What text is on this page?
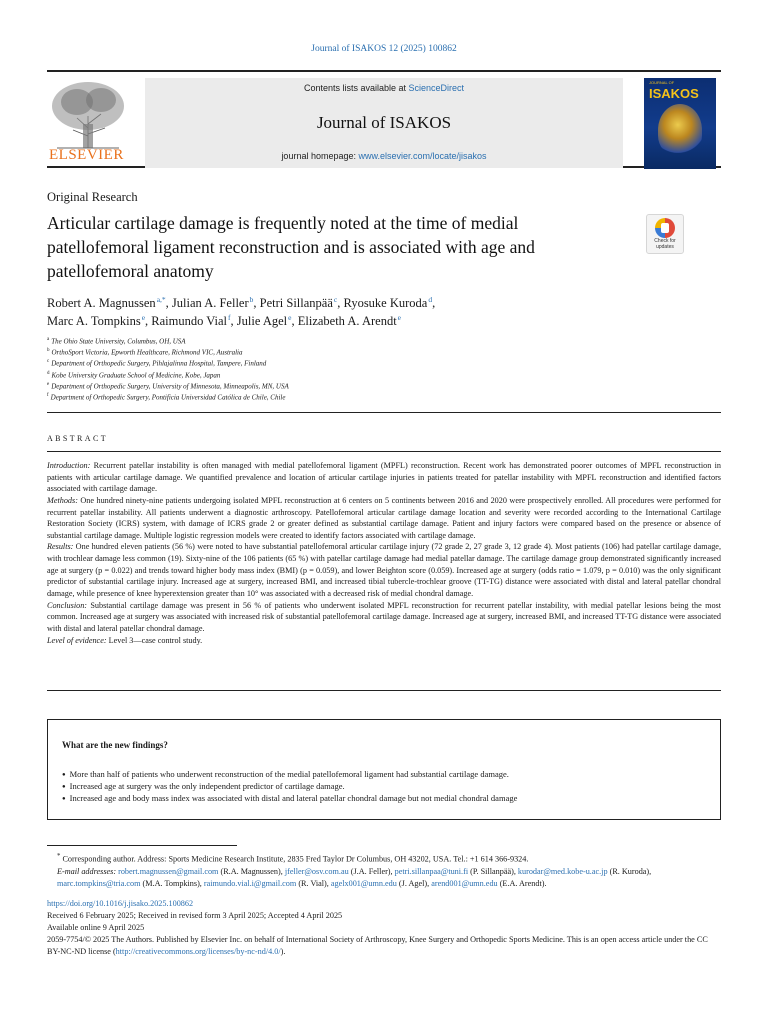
Journal of ISAKOS 12 (2025) 100862
ELSEVIER
Contents lists available at ScienceDirect
Journal of ISAKOS
journal homepage: www.elsevier.com/locate/jisakos
JOURNAL OF
ISAKOS
Original Research
Articular cartilage damage is frequently noted at the time of medial patellofemoral ligament reconstruction and is associated with age and patellofemoral anatomy
Check for updates
Robert A. Magnussen$^{a,*}$, Julian A. Feller$^b$, Petri Sillanpää$^c$, Ryosuke Kuroda$^d$,
Marc A. Tompkins$^e$, Raimundo Vial$^f$, Julie Agel$^e$, Elizabeth A. Arendt$^e$
$^a$ The Ohio State University, Columbus, OH, USA
$^b$ OrthoSport Victoria, Epworth Healthcare, Richmond VIC, Australia
$^c$ Department of Orthopedic Surgery, Pihlajalinna Hospital, Tampere, Finland
$^d$ Kobe University Graduate School of Medicine, Kobe, Japan
$^e$ Department of Orthopedic Surgery, University of Minnesota, Minneapolis, MN, USA
$^f$ Department of Orthopedic Surgery, Pontificia Universidad Católica de Chile, Chile
ABSTRACT

Introduction: Recurrent patellar instability is often managed with medial patellofemoral ligament (MPFL) reconstruction. Recent work has demonstrated poorer outcomes of MPFL reconstruction in patients with articular cartilage damage. We quantified prevalence and location of articular cartilage injuries in patients treated for patellar instability with MPFL reconstruction and identified factors associated with cartilage damage.

Methods: One hundred ninety-nine patients undergoing isolated MPFL reconstruction at 6 centers on 5 continents between 2016 and 2020 were prospectively enrolled. All procedures were performed for recurrent patellar instability. All patients underwent a diagnostic arthroscopy. Patellofemoral articular cartilage damage location and severity were recorded according to the International Cartilage Restoration Society (ICRS) system, with damage of ICRS grade 2 or greater defined as substantial cartilage damage. Patient and injury factors were compared based on the presence or absence of substantial cartilage damage. Multiple logistic regression models were created to identify factors associated with cartilage damage.

Results: One hundred eleven patients (56 %) were noted to have substantial patellofemoral articular cartilage injury (72 grade 2, 27 grade 3, 12 grade 4). Most patients (106) had patellar cartilage damage, with trochlear damage less common (19). Sixty-nine of the 106 patients (65 %) with patellar cartilage damage had medial patellar damage. The cartilage damage group demonstrated significantly increased age at surgery (p = 0.022) and trends toward higher body mass index (BMI) (p = 0.059), and lower Beighton score (0.059). Increased age at surgery (odds ratio = 1.079, p = 0.010) was the only significant predictor of substantial cartilage injury. Increased age at surgery, increased BMI, and increased tibial tubercle-trochlear groove (TT-TG) distance were associated with distal and lateral patellar chondral damage, while presence of knee hyperextension greater than 10° was associated with a decreased risk of medial chondral damage.

Conclusion: Substantial cartilage damage was present in 56 % of patients who underwent isolated MPFL reconstruction for recurrent patellar instability, with medial patellar lesions being the most common. Increased age at surgery was associated with increased risk of substantial patellofemoral cartilage damage. Increased age at surgery, increased BMI, and increased TT-TG distance were associated with distal and lateral patellar chondral damage.

Level of evidence: Level 3—case control study.

What are the new findings?
● More than half of patients who underwent reconstruction of the medial patellofemoral ligament had substantial cartilage damage.
● Increased age at surgery was the only independent predictor of cartilage damage.
● Increased age and body mass index was associated with distal and lateral patellar chondral damage but not medial chondral damage

* Corresponding author. Address: Sports Medicine Research Institute, 2835 Fred Taylor Dr Columbus, OH 43202, USA. Tel.: +1 614 366-9324.

E-mail addresses: robert.magnussen@gmail.com (R.A. Magnussen), jfeller@osv.com.au (J.A. Feller), petri.sillanpaa@tuni.fi (P. Sillanpää), kurodar@med.kobe-u.ac.jp (R. Kuroda), marc.tompkins@tria.com (M.A. Tompkins), raimundo.vial.i@gmail.com (R. Vial), agelx001@umn.edu (J. Agel), arend001@umn.edu (E.A. Arendt).

https://doi.org/10.1016/j.jisako.2025.100862

Received 6 February 2025; Received in revised form 3 April 2025; Accepted 4 April 2025

Available online 9 April 2025

2059-7754/© 2025 The Authors. Published by Elsevier Inc. on behalf of International Society of Arthroscopy, Knee Surgery and Orthopedic Sports Medicine. This is an open access article under the CC BY-NC-ND license (http://creativecommons.org/licenses/by-nc-nd/4.0/).
